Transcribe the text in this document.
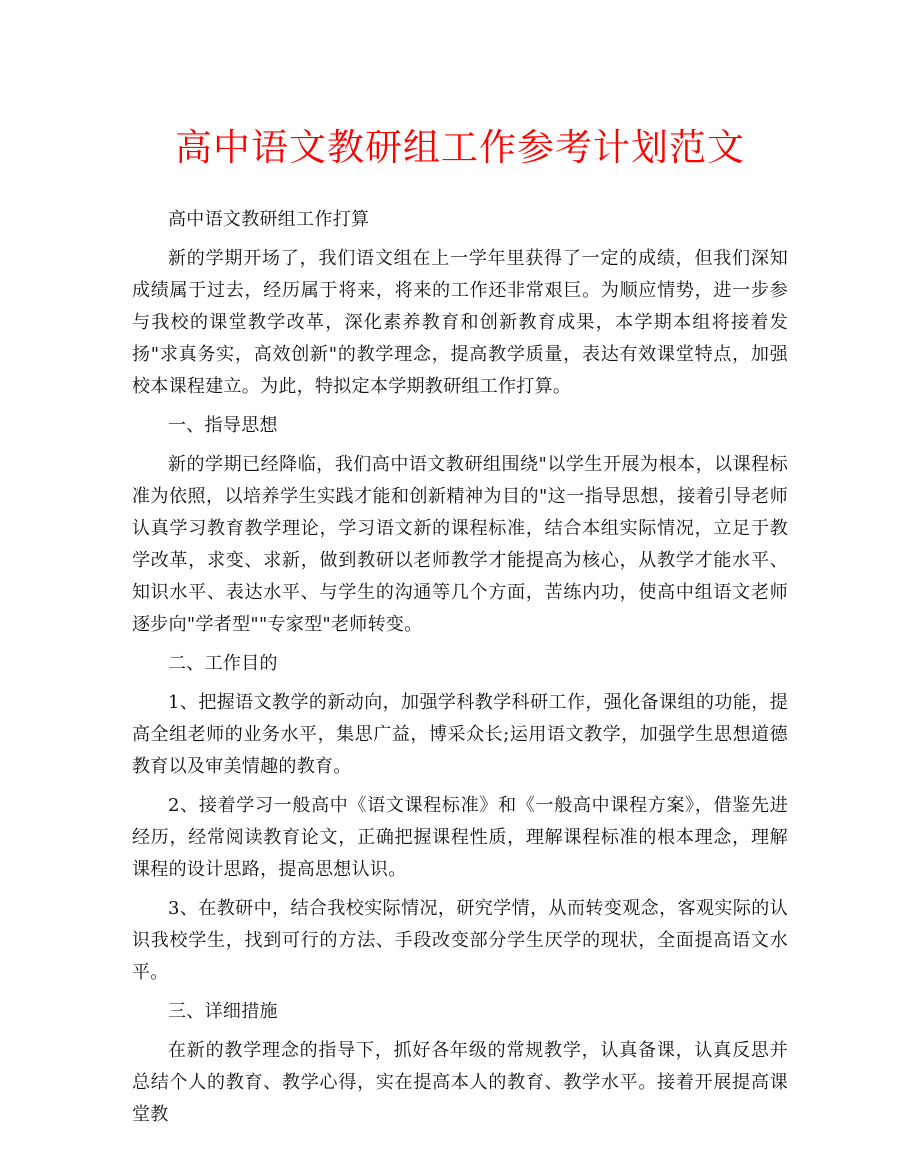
高中语文教研组工作参考计划范文

高中语文教研组工作打算

新的学期开场了，我们语文组在上一学年里获得了一定的成绩，但我们深知成绩属于过去，经历属于将来，将来的工作还非常艰巨。为顺应情势，进一步参与我校的课堂教学改革，深化素养教育和创新教育成果，本学期本组将接着发扬"求真务实，高效创新"的教学理念，提高教学质量，表达有效课堂特点，加强校本课程建立。为此，特拟定本学期教研组工作打算。

一、指导思想

新的学期已经降临，我们高中语文教研组围绕"以学生开展为根本，以课程标准为依照，以培养学生实践才能和创新精神为目的"这一指导思想，接着引导老师认真学习教育教学理论，学习语文新的课程标准，结合本组实际情况，立足于教学改革，求变、求新，做到教研以老师教学才能提高为核心，从教学才能水平、知识水平、表达水平、与学生的沟通等几个方面，苦练内功，使高中组语文老师逐步向"学者型""专家型"老师转变。

二、工作目的

1、把握语文教学的新动向，加强学科教学科研工作，强化备课组的功能，提高全组老师的业务水平，集思广益，博采众长;运用语文教学，加强学生思想道德教育以及审美情趣的教育。

2、接着学习一般高中《语文课程标准》和《一般高中课程方案》，借鉴先进经历，经常阅读教育论文，正确把握课程性质，理解课程标准的根本理念，理解课程的设计思路，提高思想认识。

3、在教研中，结合我校实际情况，研究学情，从而转变观念，客观实际的认识我校学生，找到可行的方法、手段改变部分学生厌学的现状，全面提高语文水平。

三、详细措施

在新的教学理念的指导下，抓好各年级的常规教学，认真备课，认真反思并总结个人的教育、教学心得，实在提高本人的教育、教学水平。接着开展提高课堂教
